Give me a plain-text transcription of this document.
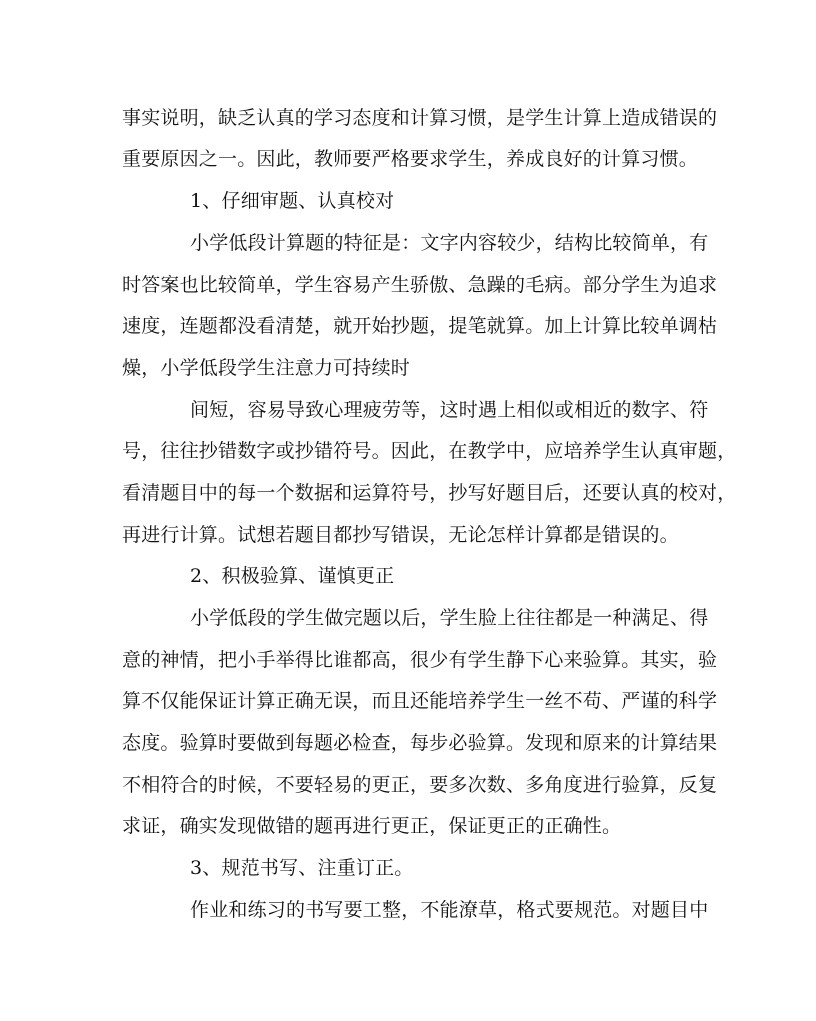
事实说明，缺乏认真的学习态度和计算习惯，是学生计算上造成错误的
重要原因之一。因此，教师要严格要求学生，养成良好的计算习惯。
1、仔细审题、认真校对
小学低段计算题的特征是：文字内容较少，结构比较简单，有
时答案也比较简单，学生容易产生骄傲、急躁的毛病。部分学生为追求
速度，连题都没看清楚，就开始抄题，提笔就算。加上计算比较单调枯
燥，小学低段学生注意力可持续时
间短，容易导致心理疲劳等，这时遇上相似或相近的数字、符
号，往往抄错数字或抄错符号。因此，在教学中，应培养学生认真审题，
看清题目中的每一个数据和运算符号，抄写好题目后，还要认真的校对，
再进行计算。试想若题目都抄写错误，无论怎样计算都是错误的。
2、积极验算、谨慎更正
小学低段的学生做完题以后，学生脸上往往都是一种满足、得
意的神情，把小手举得比谁都高，很少有学生静下心来验算。其实，验
算不仅能保证计算正确无误，而且还能培养学生一丝不苟、严谨的科学
态度。验算时要做到每题必检查，每步必验算。发现和原来的计算结果
不相符合的时候，不要轻易的更正，要多次数、多角度进行验算，反复
求证，确实发现做错的题再进行更正，保证更正的正确性。
3、规范书写、注重订正。
作业和练习的书写要工整，不能潦草，格式要规范。对题目中
